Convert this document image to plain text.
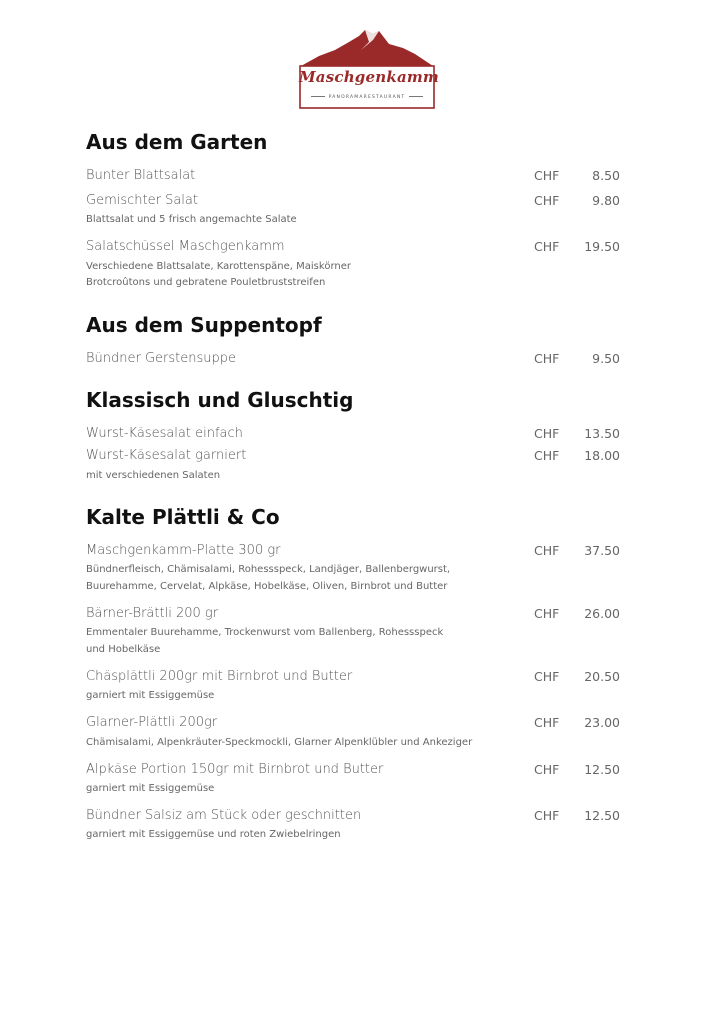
Maschgenkamm
PANORAMARESTAURANT
Aus dem Garten
Bunter Blattsalat	CHF	8.50
Gemischter Salat	CHF	9.80
Blattsalat und 5 frisch angemachte Salate
Salatschüssel Maschgenkamm	CHF 19.50
Verschiedene Blattsalate, Karottenspäne, Maiskörner
Brotcroûtons und gebratene Pouletbruststreifen
Aus dem Suppentopf
Bündner Gerstensuppe	CHF	9.50
Klassisch und Gluschtig
Wurst-Käsesalat einfach	CHF 13.50
Wurst-Käsesalat garniert	CHF 18.00
mit verschiedenen Salaten
Kalte Plättli & Co
Maschgenkamm-Platte 300 gr	CHF 37.50
Bündnerfleisch, Chämisalami, Rohessspeck, Landjäger, Ballenbergwurst,
Buurehamme, Cervelat, Alpkäse, Hobelkäse, Oliven, Birnbrot und Butter
Bärner-Brättli 200 gr	CHF 26.00
Emmentaler Buurehamme, Trockenwurst vom Ballenberg, Rohessspeck
und Hobelkäse
Chäsplättli 200gr mit Birnbrot und Butter	CHF 20.50
garniert mit Essiggemüse
Glarner-Plättli 200gr	CHF 23.00
Chämisalami, Alpenkräuter-Speckmockli, Glarner Alpenklübler und Ankeziger
Alpkäse Portion 150gr mit Birnbrot und Butter	CHF 12.50
garniert mit Essiggemüse
Bündner Salsiz am Stück oder geschnitten	CHF 12.50
garniert mit Essiggemüse und roten Zwiebelringen
